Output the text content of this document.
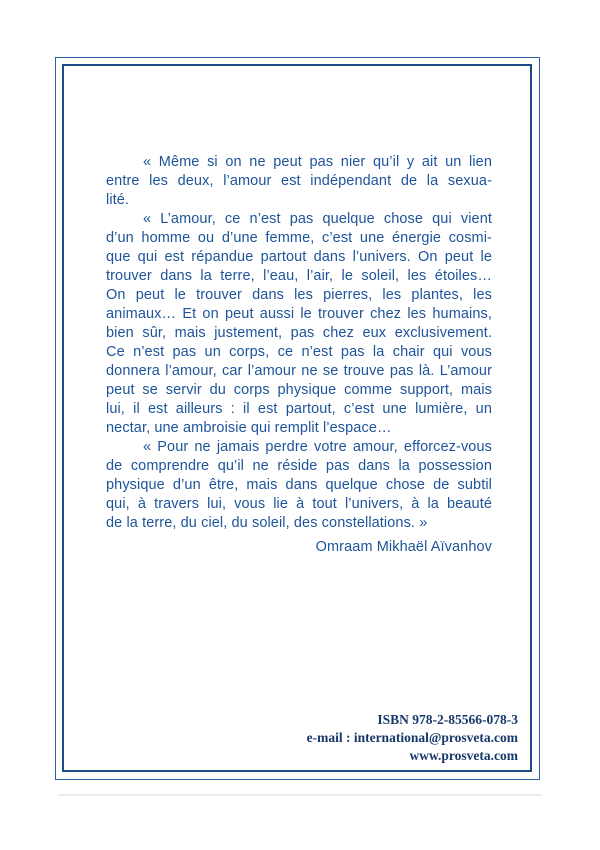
« Même si on ne peut pas nier qu’il y ait un lien
entre les deux, l’amour est indépendant de la sexua-
lité.
« L’amour, ce n’est pas quelque chose qui vient
d’un homme ou d’une femme, c’est une énergie cosmi-
que qui est répandue partout dans l’univers. On peut le
trouver dans la terre, l’eau, l’air, le soleil, les étoiles…
On peut le trouver dans les pierres, les plantes, les
animaux… Et on peut aussi le trouver chez les humains,
bien sûr, mais justement, pas chez eux exclusivement.
Ce n’est pas un corps, ce n’est pas la chair qui vous
donnera l’amour, car l’amour ne se trouve pas là. L’amour
peut se servir du corps physique comme support, mais
lui, il est ailleurs : il est partout, c’est une lumière, un
nectar, une ambroisie qui remplit l’espace…
« Pour ne jamais perdre votre amour, efforcez-vous
de comprendre qu’il ne réside pas dans la possession
physique d’un être, mais dans quelque chose de subtil
qui, à travers lui, vous lie à tout l’univers, à la beauté
de la terre, du ciel, du soleil, des constellations. »
Omraam Mikhaël Aïvanhov
ISBN 978-2-85566-078-3
e-mail : international@prosveta.com
www.prosveta.com
